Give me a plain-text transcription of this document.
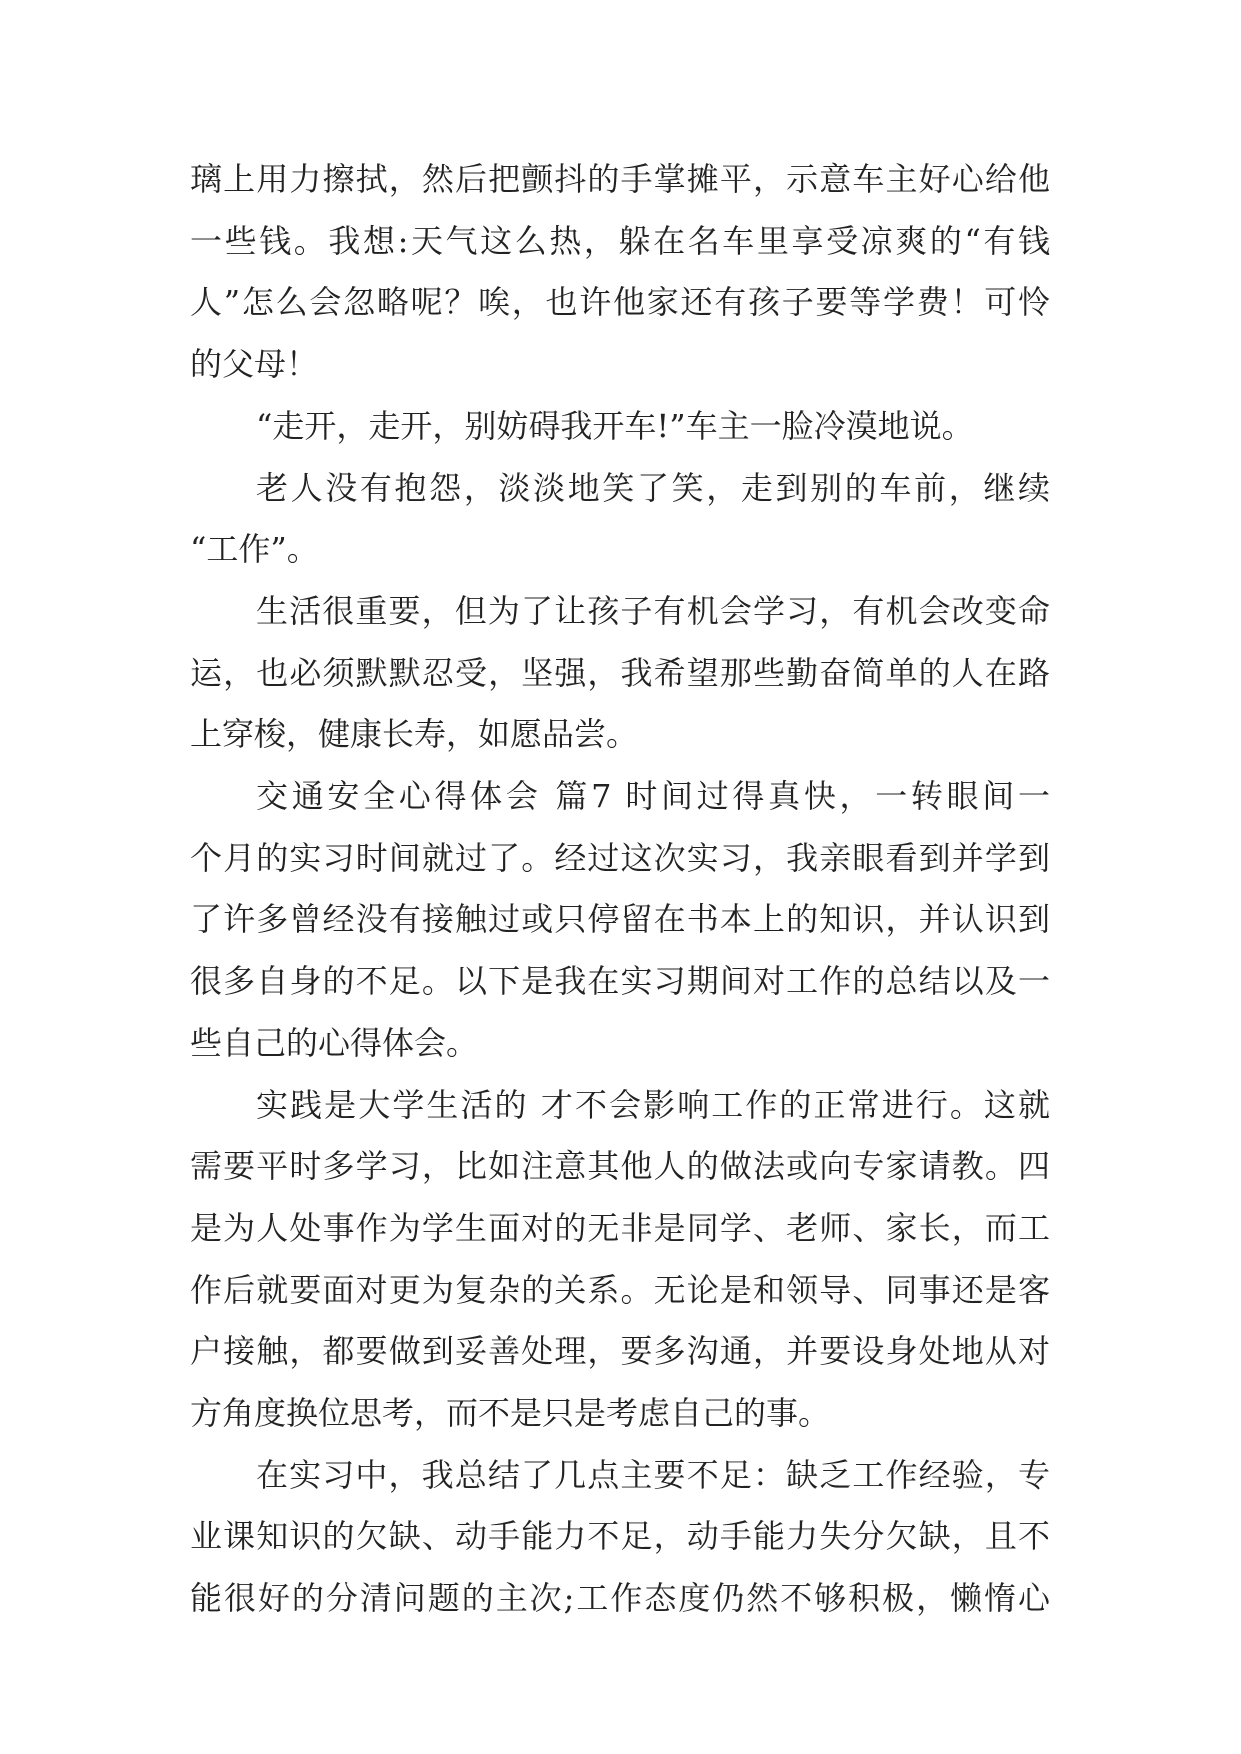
璃上用力擦拭，然后把颤抖的手掌摊平，示意车主好心给他
一些钱。我想:天气这么热，躲在名车里享受凉爽的“有钱
人”怎么会忽略呢？唉，也许他家还有孩子要等学费！可怜
的父母！
“走开，走开，别妨碍我开车!”车主一脸冷漠地说。
老人没有抱怨，淡淡地笑了笑，走到别的车前，继续
“工作”。
生活很重要，但为了让孩子有机会学习，有机会改变命
运，也必须默默忍受，坚强，我希望那些勤奋简单的人在路
上穿梭，健康长寿，如愿品尝。
交通安全心得体会 篇7 时间过得真快，一转眼间一
个月的实习时间就过了。经过这次实习，我亲眼看到并学到
了许多曾经没有接触过或只停留在书本上的知识，并认识到
很多自身的不足。以下是我在实习期间对工作的总结以及一
些自己的心得体会。
实践是大学生活的 才不会影响工作的正常进行。这就
需要平时多学习，比如注意其他人的做法或向专家请教。四
是为人处事作为学生面对的无非是同学、老师、家长，而工
作后就要面对更为复杂的关系。无论是和领导、同事还是客
户接触，都要做到妥善处理，要多沟通，并要设身处地从对
方角度换位思考，而不是只是考虑自己的事。
在实习中，我总结了几点主要不足：缺乏工作经验，专
业课知识的欠缺、动手能力不足，动手能力失分欠缺，且不
能很好的分清问题的主次;工作态度仍然不够积极，懒惰心
